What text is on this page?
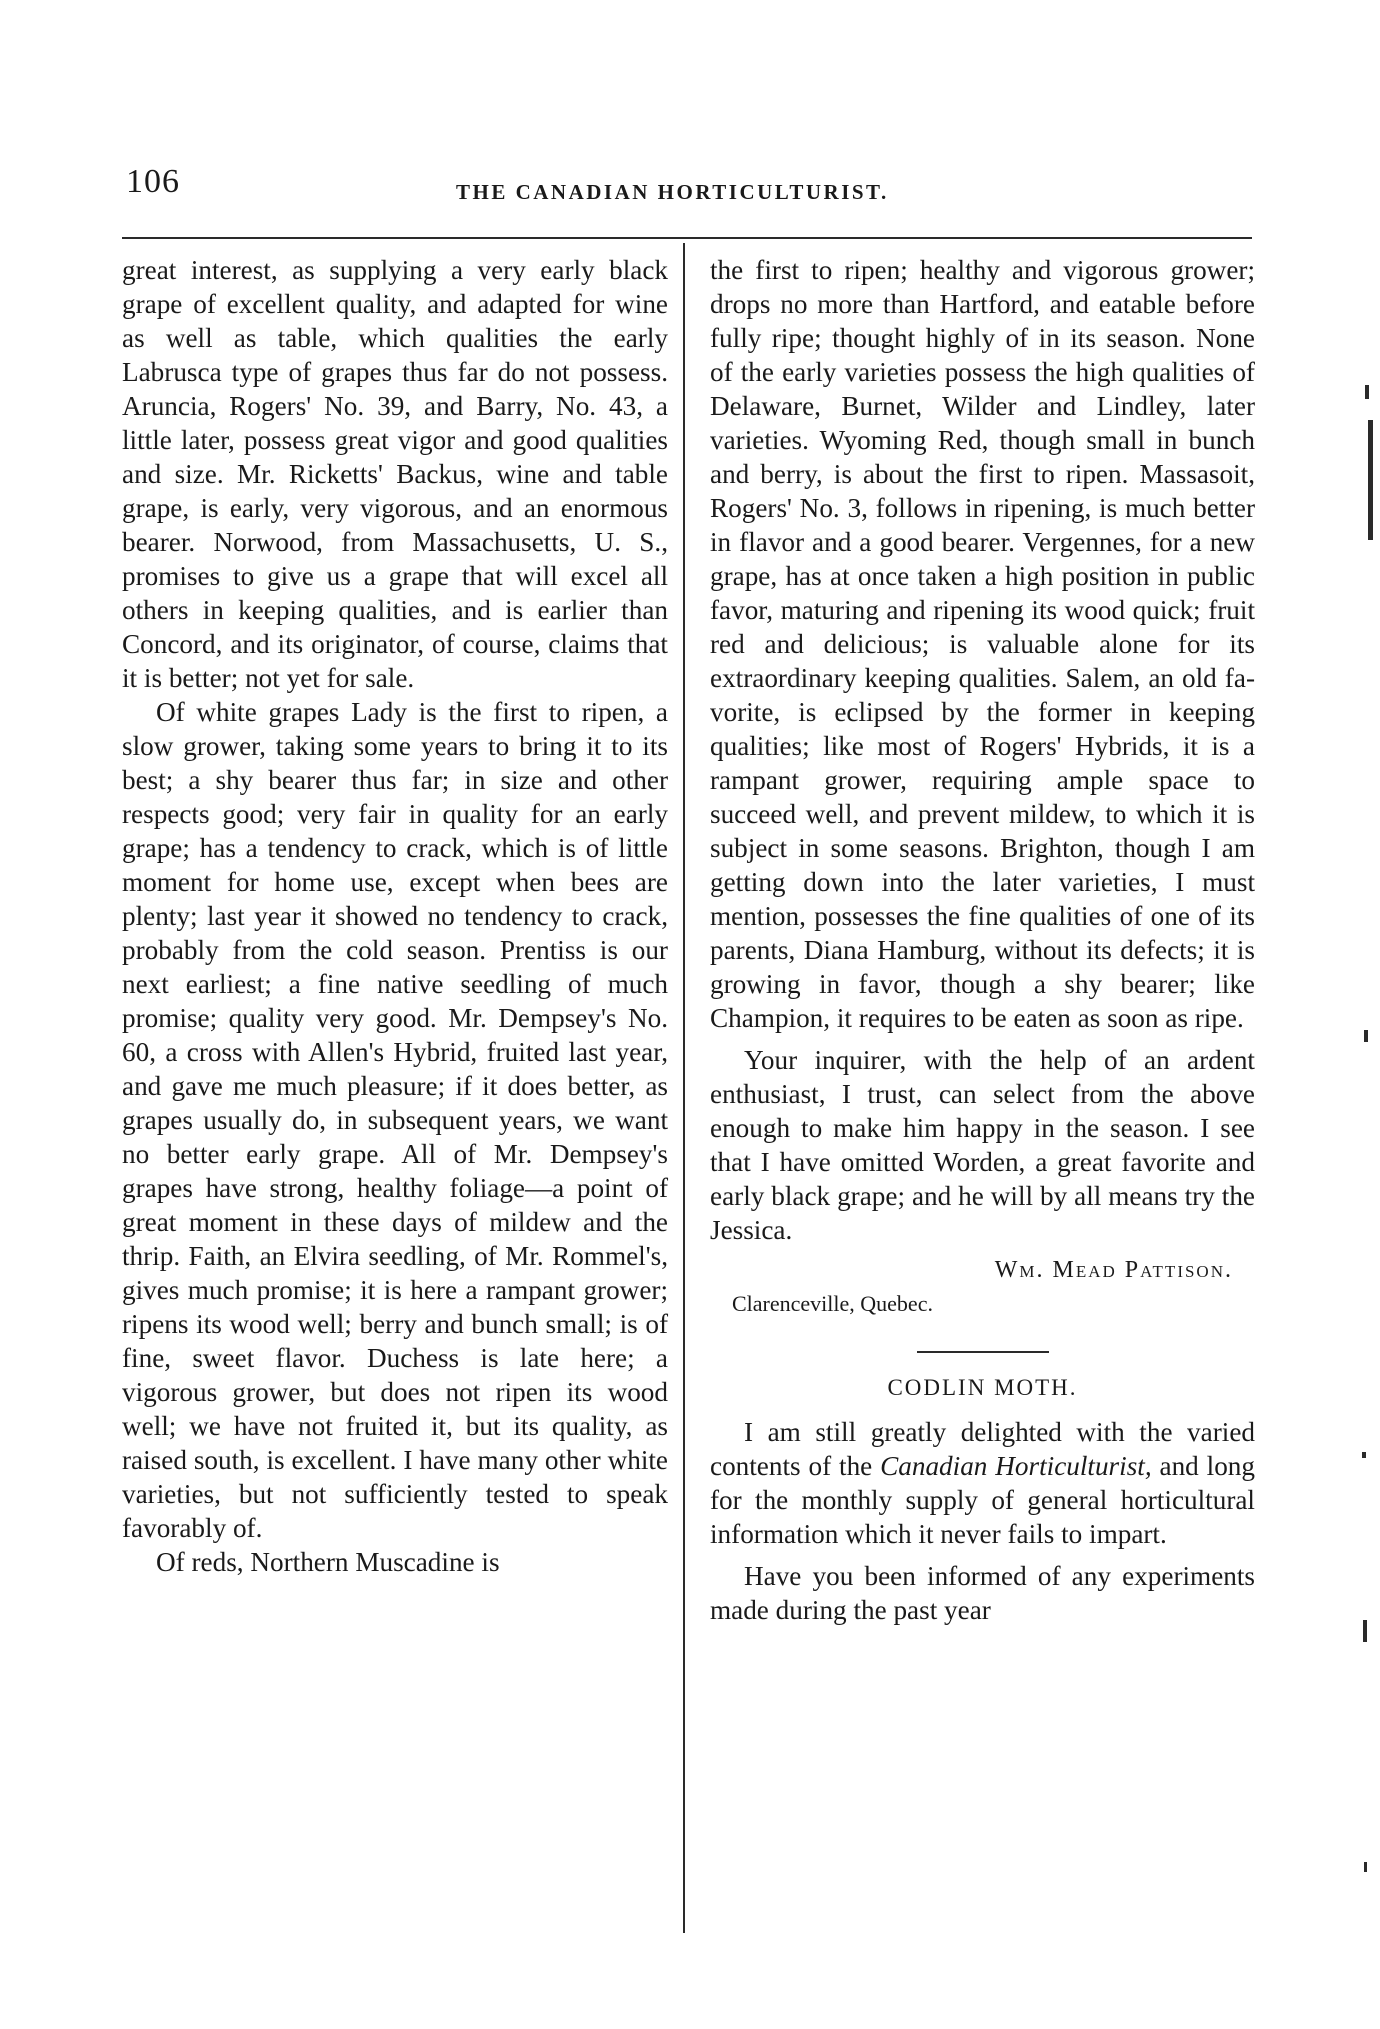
106	THE CANADIAN HORTICULTURIST.

great interest, as supplying a very early black grape of excellent quality, and adapted for wine as well as table, which qualities the early Labrusca type of grapes thus far do not possess. Aruncia, Rogers' No. 39, and Barry, No. 43, a little later, possess great vigor and good qualities and size. Mr. Ricketts' Backus, wine and table grape, is early, very vigorous, and an enormous bearer. Norwood, from Massachusetts, U. S., promises to give us a grape that will excel all others in keeping qualities, and is earlier than Concord, and its originator, of course, claims that it is better; not yet for sale.

Of white grapes Lady is the first to ripen, a slow grower, taking some years to bring it to its best; a shy bearer thus far; in size and other respects good; very fair in quality for an early grape; has a tendency to crack, which is of little moment for home use, except when bees are plenty; last year it showed no tendency to crack, probably from the cold season. Prentiss is our next earliest; a fine native seedling of much promise; quality very good. Mr. Dempsey's No. 60, a cross with Allen's Hybrid, fruited last year, and gave me much pleasure; if it does better, as grapes usually do, in subsequent years, we want no better early grape. All of Mr. Dempsey's grapes have strong, healthy foliage—a point of great moment in these days of mildew and the thrip. Faith, an Elvira seedling, of Mr. Rommel's, gives much promise; it is here a rampant grower; ripens its wood well; berry and bunch small; is of fine, sweet flavor. Duchess is late here; a vigorous grower, but does not ripen its wood well; we have not fruited it, but its quality, as raised south, is excellent. I have many other white varieties, but not sufficiently tested to speak favorably of.

Of reds, Northern Muscadine is

the first to ripen; healthy and vigorous grower; drops no more than Hartford, and eatable before fully ripe; thought highly of in its season. None of the early varieties possess the high qualities of Delaware, Burnet, Wilder and Lindley, later varieties. Wyoming Red, though small in bunch and berry, is about the first to ripen. Massasoit, Rogers' No. 3, follows in ripening, is much better in flavor and a good bearer. Vergennes, for a new grape, has at once taken a high position in public favor, maturing and ripening its wood quick; fruit red and delicious; is valuable alone for its extraordinary keeping qualities. Salem, an old favorite, is eclipsed by the former in keeping qualities; like most of Rogers' Hybrids, it is a rampant grower, requiring ample space to succeed well, and prevent mildew, to which it is subject in some seasons. Brighton, though I am getting down into the later varieties, I must mention, possesses the fine qualities of one of its parents, Diana Hamburg, without its defects; it is growing in favor, though a shy bearer; like Champion, it requires to be eaten as soon as ripe.

Your inquirer, with the help of an ardent enthusiast, I trust, can select from the above enough to make him happy in the season. I see that I have omitted Worden, a great favorite and early black grape; and he will by all means try the Jessica.

Wm. Mead Pattison.

Clarenceville, Quebec.

CODLIN MOTH.

I am still greatly delighted with the varied contents of the Canadian Horticulturist, and long for the monthly supply of general horticultural information which it never fails to impart.

Have you been informed of any experiments made during the past year
